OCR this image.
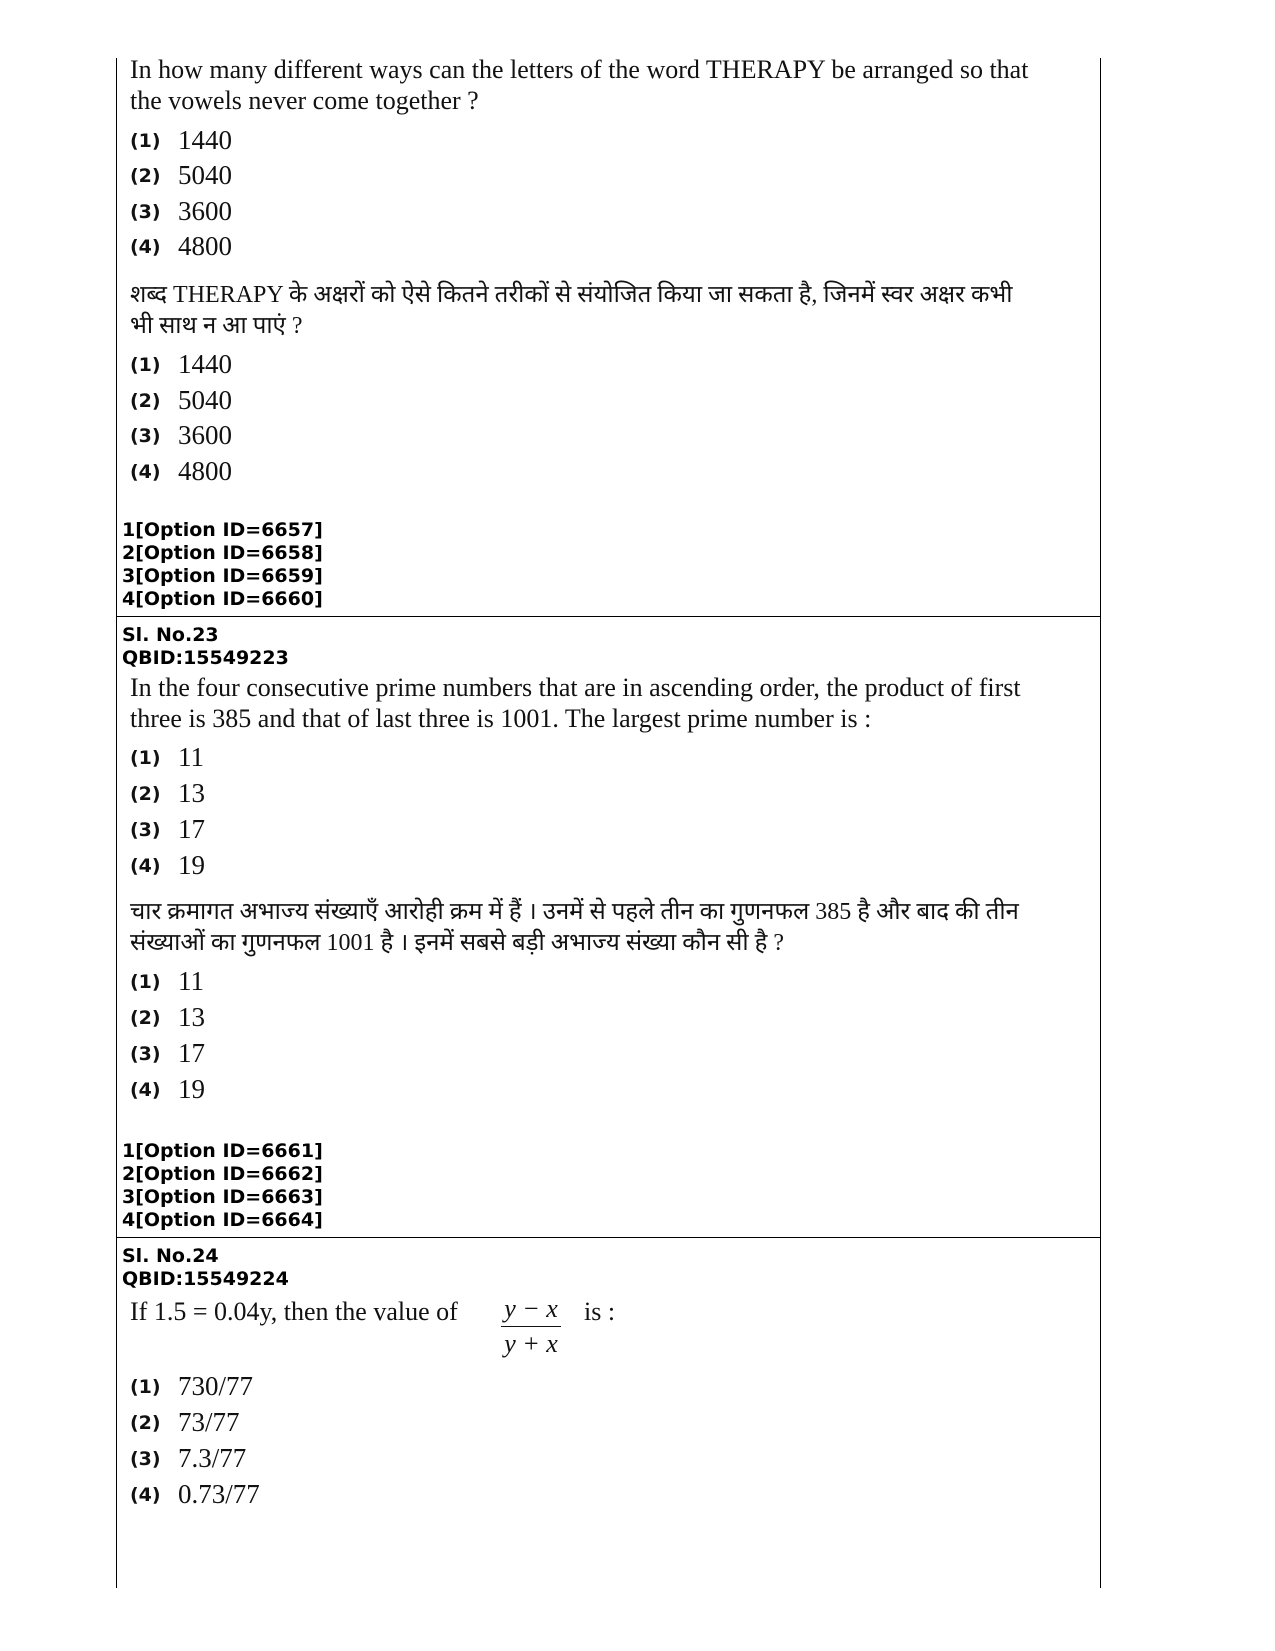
In how many different ways can the letters of the word THERAPY be arranged so that the vowels never come together ?
(1) 1440
(2) 5040
(3) 3600
(4) 4800
शब्द THERAPY के अक्षरों को ऐसे कितने तरीकों से संयोजित किया जा सकता है, जिनमें स्वर अक्षर कभी भी साथ न आ पाएं ?
(1) 1440
(2) 5040
(3) 3600
(4) 4800
1[Option ID=6657]
2[Option ID=6658]
3[Option ID=6659]
4[Option ID=6660]
Sl. No.23
QBID:15549223
In the four consecutive prime numbers that are in ascending order, the product of first three is 385 and that of last three is 1001. The largest prime number is :
(1) 11
(2) 13
(3) 17
(4) 19
चार क्रमागत अभाज्य संख्याएँ आरोही क्रम में हैं । उनमें से पहले तीन का गुणनफल 385 है और बाद की तीन संख्याओं का गुणनफल 1001 है । इनमें सबसे बड़ी अभाज्य संख्या कौन सी है ?
(1) 11
(2) 13
(3) 17
(4) 19
1[Option ID=6661]
2[Option ID=6662]
3[Option ID=6663]
4[Option ID=6664]
Sl. No.24
QBID:15549224
If 1.5 = 0.04y, then the value of	y − x
y + x
is :
(1) 730/77
(2) 73/77
(3) 7.3/77
(4) 0.73/77
